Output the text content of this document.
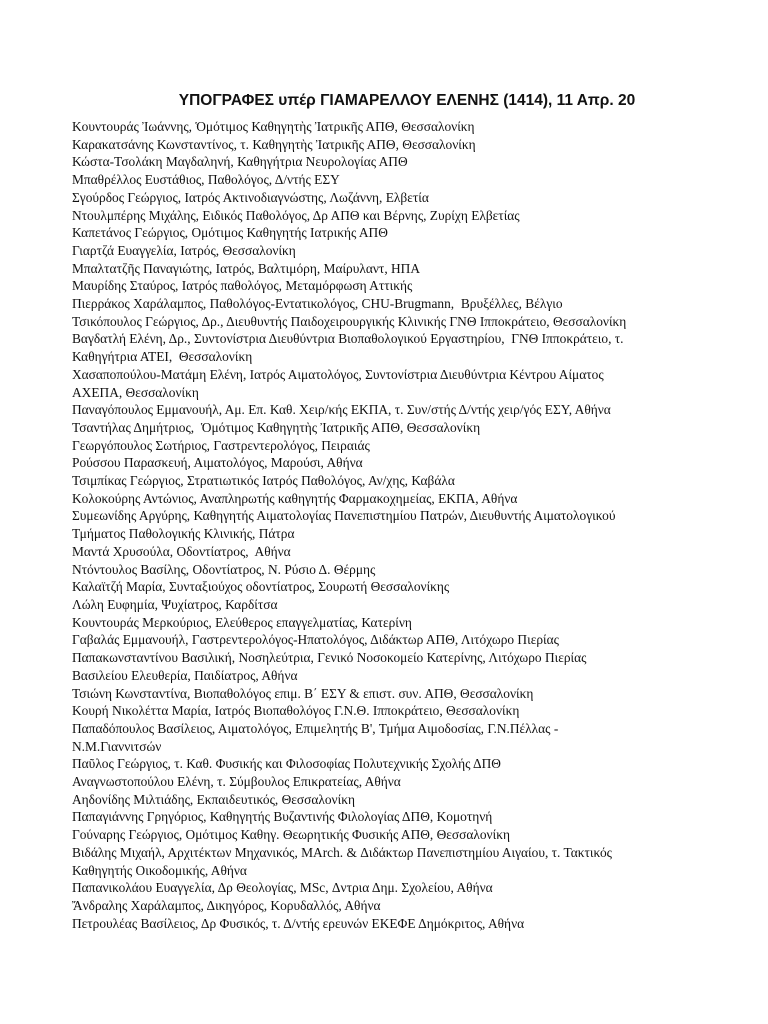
ΥΠΟΓΡΑΦΕΣ υπέρ ΓΙΑΜΑΡΕΛΛΟΥ ΕΛΕΝΗΣ (1414), 11 Απρ. 20
Κουντουράς Ἰωάννης, Ὁμότιμος Καθηγητὴς Ἰατρικῆς ΑΠΘ, Θεσσαλονίκη
Καρακατσάνης Κωνσταντίνος, τ. Καθηγητὴς Ἰατρικῆς ΑΠΘ, Θεσσαλονίκη
Κώστα-Τσολάκη Μαγδαληνή, Καθηγήτρια Νευρολογίας ΑΠΘ
Μπαθρέλλος Ευστάθιος, Παθολόγος, Δ/ντής ΕΣΥ
Σγούρδος Γεώργιος, Ιατρός Ακτινοδιαγνώστης, Λωζάννη, Ελβετία
Ντουλμπέρης Μιχάλης, Ειδικός Παθολόγος, Δρ ΑΠΘ και Βέρνης, Ζυρίχη Ελβετίας
Καπετάνος Γεώργιος, Ομότιμος Καθηγητής Ιατρικής ΑΠΘ
Γιαρτζά Ευαγγελία, Ιατρός, Θεσσαλονίκη
Μπαλτατζῆς Παναγιώτης, Ιατρός, Βαλτιμόρη, Μαίρυλαντ, ΗΠΑ
Μαυρίδης Σταύρος, Ιατρός παθολόγος, Μεταμόρφωση Αττικής
Πιερράκος Χαράλαμπος, Παθολόγος-Εντατικολόγος, CHU-Brugmann,  Βρυξέλλες, Βέλγιο
Τσικόπουλος Γεώργιος, Δρ., Διευθυντής Παιδοχειρουργικής Κλινικής ΓΝΘ Ιπποκράτειο, Θεσσαλονίκη
Βαγδατλή Ελένη, Δρ., Συντονίστρια Διευθύντρια Βιοπαθολογικού Εργαστηρίου,  ΓΝΘ Ιπποκράτειο, τ.
Καθηγήτρια ΑΤΕΙ,  Θεσσαλονίκη
Χασαποπούλου-Ματάμη Ελένη, Ιατρός Αιματολόγος, Συντονίστρια Διευθύντρια Κέντρου Αίματος
ΑΧΕΠΑ, Θεσσαλονίκη
Παναγόπουλος Εμμανουήλ, Αμ. Επ. Καθ. Χειρ/κής ΕΚΠΑ, τ. Συν/στής Δ/ντής χειρ/γός ΕΣΥ, Αθήνα
Τσαντήλας Δημήτριος,  Ὁμότιμος Καθηγητὴς Ἰατρικῆς ΑΠΘ, Θεσσαλονίκη
Γεωργόπουλος Σωτήριος, Γαστρεντερολόγος, Πειραιάς
Ρούσσου Παρασκευή, Αιματολόγος, Μαρούσι, Αθήνα
Τσιμπίκας Γεώργιος, Στρατιωτικός Ιατρός Παθολόγος, Αν/χης, Καβάλα
Κολοκούρης Αντώνιος, Αναπληρωτής καθηγητής Φαρμακοχημείας, ΕΚΠΑ, Αθήνα
Συμεωνίδης Αργύρης, Καθηγητής Αιματολογίας Πανεπιστημίου Πατρών, Διευθυντής Αιματολογικού
Τμήματος Παθολογικής Κλινικής, Πάτρα
Μαντά Χρυσούλα, Οδοντίατρος,  Αθήνα
Ντόντουλος Βασίλης, Οδοντίατρος, Ν. Ρύσιο Δ. Θέρμης
Καλαϊτζή Μαρία, Συνταξιούχος οδοντίατρος, Σουρωτή Θεσσαλονίκης
Λώλη Ευφημία, Ψυχίατρος, Καρδίτσα
Κουντουράς Μερκούριος, Ελεύθερος επαγγελματίας, Κατερίνη
Γαβαλάς Εμμανουήλ, Γαστρεντερολόγος-Ηπατολόγος, Διδάκτωρ ΑΠΘ, Λιτόχωρο Πιερίας
Παπακωνσταντίνου Βασιλική, Νοσηλεύτρια, Γενικό Νοσοκομείο Κατερίνης, Λιτόχωρο Πιερίας
Βασιλείου Ελευθερία, Παιδίατρος, Αθήνα
Τσιώνη Κωνσταντίνα, Βιοπαθολόγος επιμ. Β΄ ΕΣΥ & επιστ. συν. ΑΠΘ, Θεσσαλονίκη
Κουρή Νικολέττα Μαρία, Ιατρός Βιοπαθολόγος Γ.Ν.Θ. Ιπποκράτειο, Θεσσαλονίκη
Παπαδόπουλος Βασίλειος, Αιματολόγος, Επιμελητής Β', Τμήμα Αιμοδοσίας, Γ.Ν.Πέλλας -
Ν.Μ.Γιαννιτσών
Παῦλος Γεώργιος, τ. Καθ. Φυσικής και Φιλοσοφίας Πολυτεχνικής Σχολής ΔΠΘ
Αναγνωστοπούλου Ελένη, τ. Σύμβουλος Επικρατείας, Αθήνα
Αηδονίδης Μιλτιάδης, Εκπαιδευτικός, Θεσσαλονίκη
Παπαγιάννης Γρηγόριος, Καθηγητής Βυζαντινής Φιλολογίας ΔΠΘ, Κομοτηνή
Γούναρης Γεώργιος, Ομότιμος Καθηγ. Θεωρητικής Φυσικής ΑΠΘ, Θεσσαλονίκη
Βιδάλης Μιχαήλ, Αρχιτέκτων Μηχανικός, MArch. & Διδάκτωρ Πανεπιστημίου Αιγαίου, τ. Τακτικός
Καθηγητής Οικοδομικής, Αθήνα
Παπανικολάου Ευαγγελία, Δρ Θεολογίας, MSc, Δντρια Δημ. Σχολείου, Αθήνα
Ἄνδραλης Χαράλαμπος, Δικηγόρος, Κορυδαλλός, Αθήνα
Πετρουλέας Βασίλειος, Δρ Φυσικός, τ. Δ/ντής ερευνών ΕΚΕΦΕ Δημόκριτος, Αθήνα
